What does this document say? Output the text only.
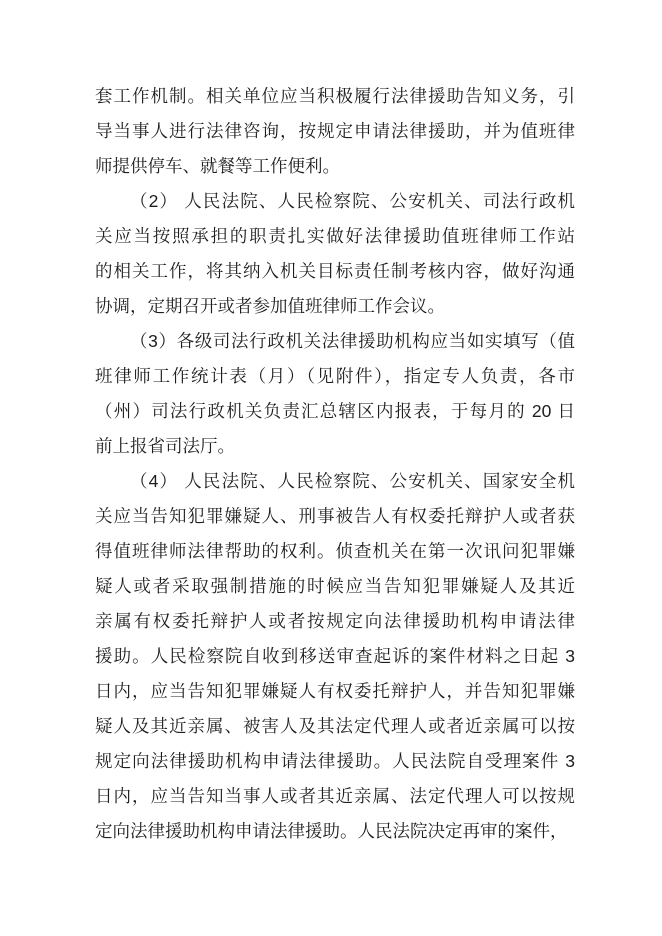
套工作机制。相关单位应当积极履行法律援助告知义务，引
导当事人进行法律咨询，按规定申请法律援助，并为值班律
师提供停车、就餐等工作便利。
（2） 人民法院、人民检察院、公安机关、司法行政机
关应当按照承担的职责扎实做好法律援助值班律师工作站
的相关工作，将其纳入机关目标责任制考核内容，做好沟通
协调，定期召开或者参加值班律师工作会议。
（3）各级司法行政机关法律援助机构应当如实填写（值
班律师工作统计表（月）（见附件），指定专人负责，各市
（州）司法行政机关负责汇总辖区内报表，于每月的 20 日
前上报省司法厅。
（4） 人民法院、人民检察院、公安机关、国家安全机
关应当告知犯罪嫌疑人、刑事被告人有权委托辩护人或者获
得值班律师法律帮助的权利。侦查机关在第一次讯问犯罪嫌
疑人或者采取强制措施的时候应当告知犯罪嫌疑人及其近
亲属有权委托辩护人或者按规定向法律援助机构申请法律
援助。人民检察院自收到移送审查起诉的案件材料之日起 3
日内，应当告知犯罪嫌疑人有权委托辩护人，并告知犯罪嫌
疑人及其近亲属、被害人及其法定代理人或者近亲属可以按
规定向法律援助机构申请法律援助。人民法院自受理案件 3
日内，应当告知当事人或者其近亲属、法定代理人可以按规
定向法律援助机构申请法律援助。人民法院决定再审的案件，
